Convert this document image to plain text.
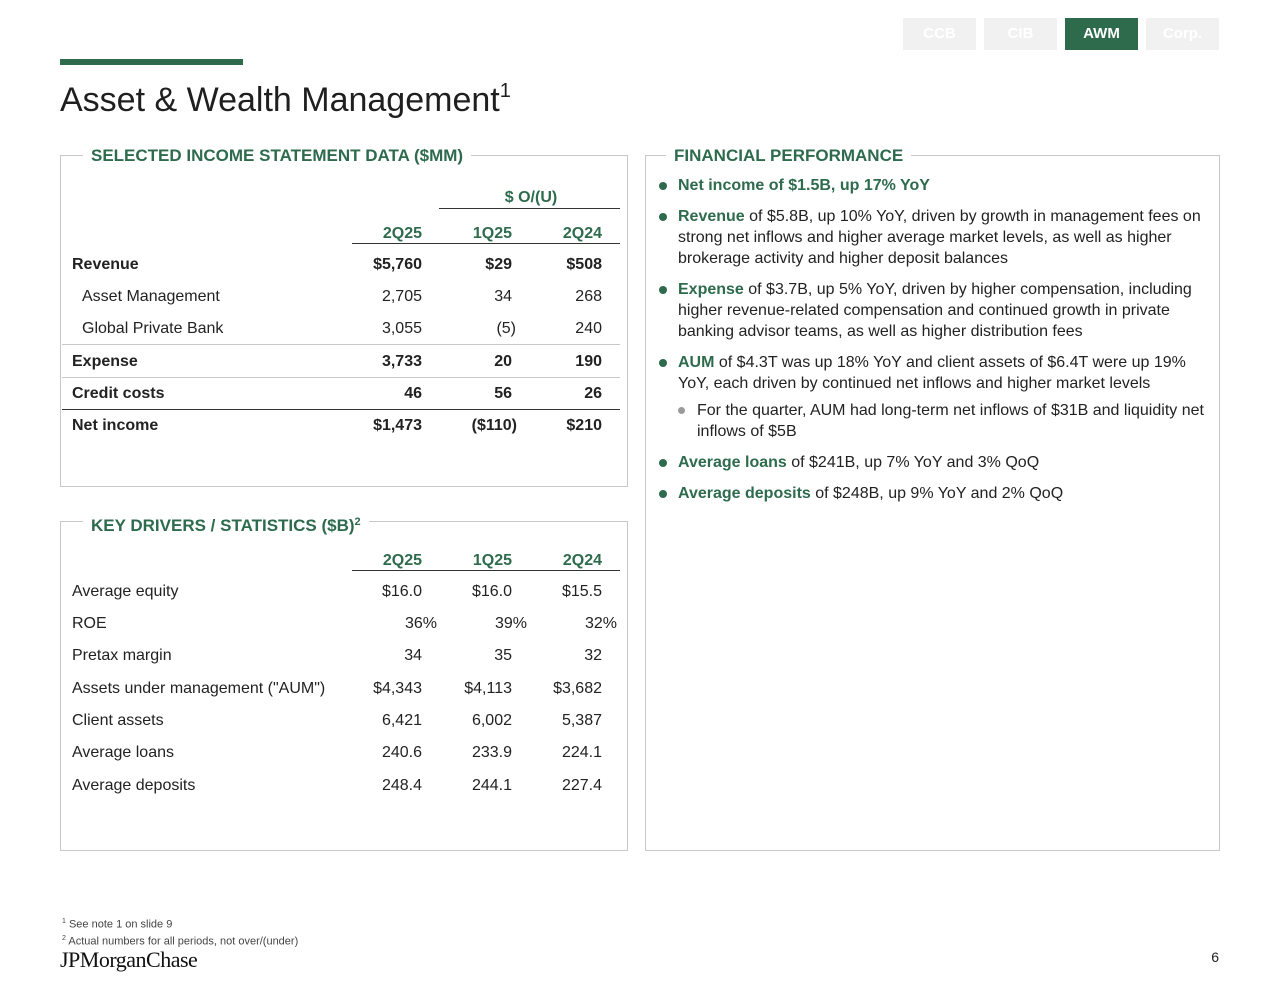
CCB	CIB	AWM	Corp.
Asset & Wealth Management$^1$
SELECTED INCOME STATEMENT DATA ($MM)
$ O/(U)
2Q25	1Q25	2Q24
Revenue	$5,760	$29	$508
Asset Management	2,705	34	268
Global Private Bank	3,055	(5)	240
Expense	3,733	20	190
Credit costs	46	56	26
Net income	$1,473	($110)	$210
KEY DRIVERS / STATISTICS ($B)$^2$
2Q25	1Q25	2Q24
Average equity	$16.0	$16.0	$15.5
ROE	36%	39%	32%
Pretax margin	34	35	32
Assets under management ("AUM")	$4,343	$4,113	$3,682
Client assets	6,421	6,002	5,387
Average loans	240.6	233.9	224.1
Average deposits	248.4	244.1	227.4
FINANCIAL PERFORMANCE
Net income of $1.5B, up 17% YoY
Revenue of $5.8B, up 10% YoY, driven by growth in management fees on strong net inflows and higher average market levels, as well as higher brokerage activity and higher deposit balances
Expense of $3.7B, up 5% YoY, driven by higher compensation, including higher revenue-related compensation and continued growth in private banking advisor teams, as well as higher distribution fees
AUM of $4.3T was up 18% YoY and client assets of $6.4T were up 19% YoY, each driven by continued net inflows and higher market levels
For the quarter, AUM had long-term net inflows of $31B and liquidity net inflows of $5B
Average loans of $241B, up 7% YoY and 3% QoQ
Average deposits of $248B, up 9% YoY and 2% QoQ
$^1$ See note 1 on slide 9
$^2$ Actual numbers for all periods, not over/(under)
JPMorganChase	6
